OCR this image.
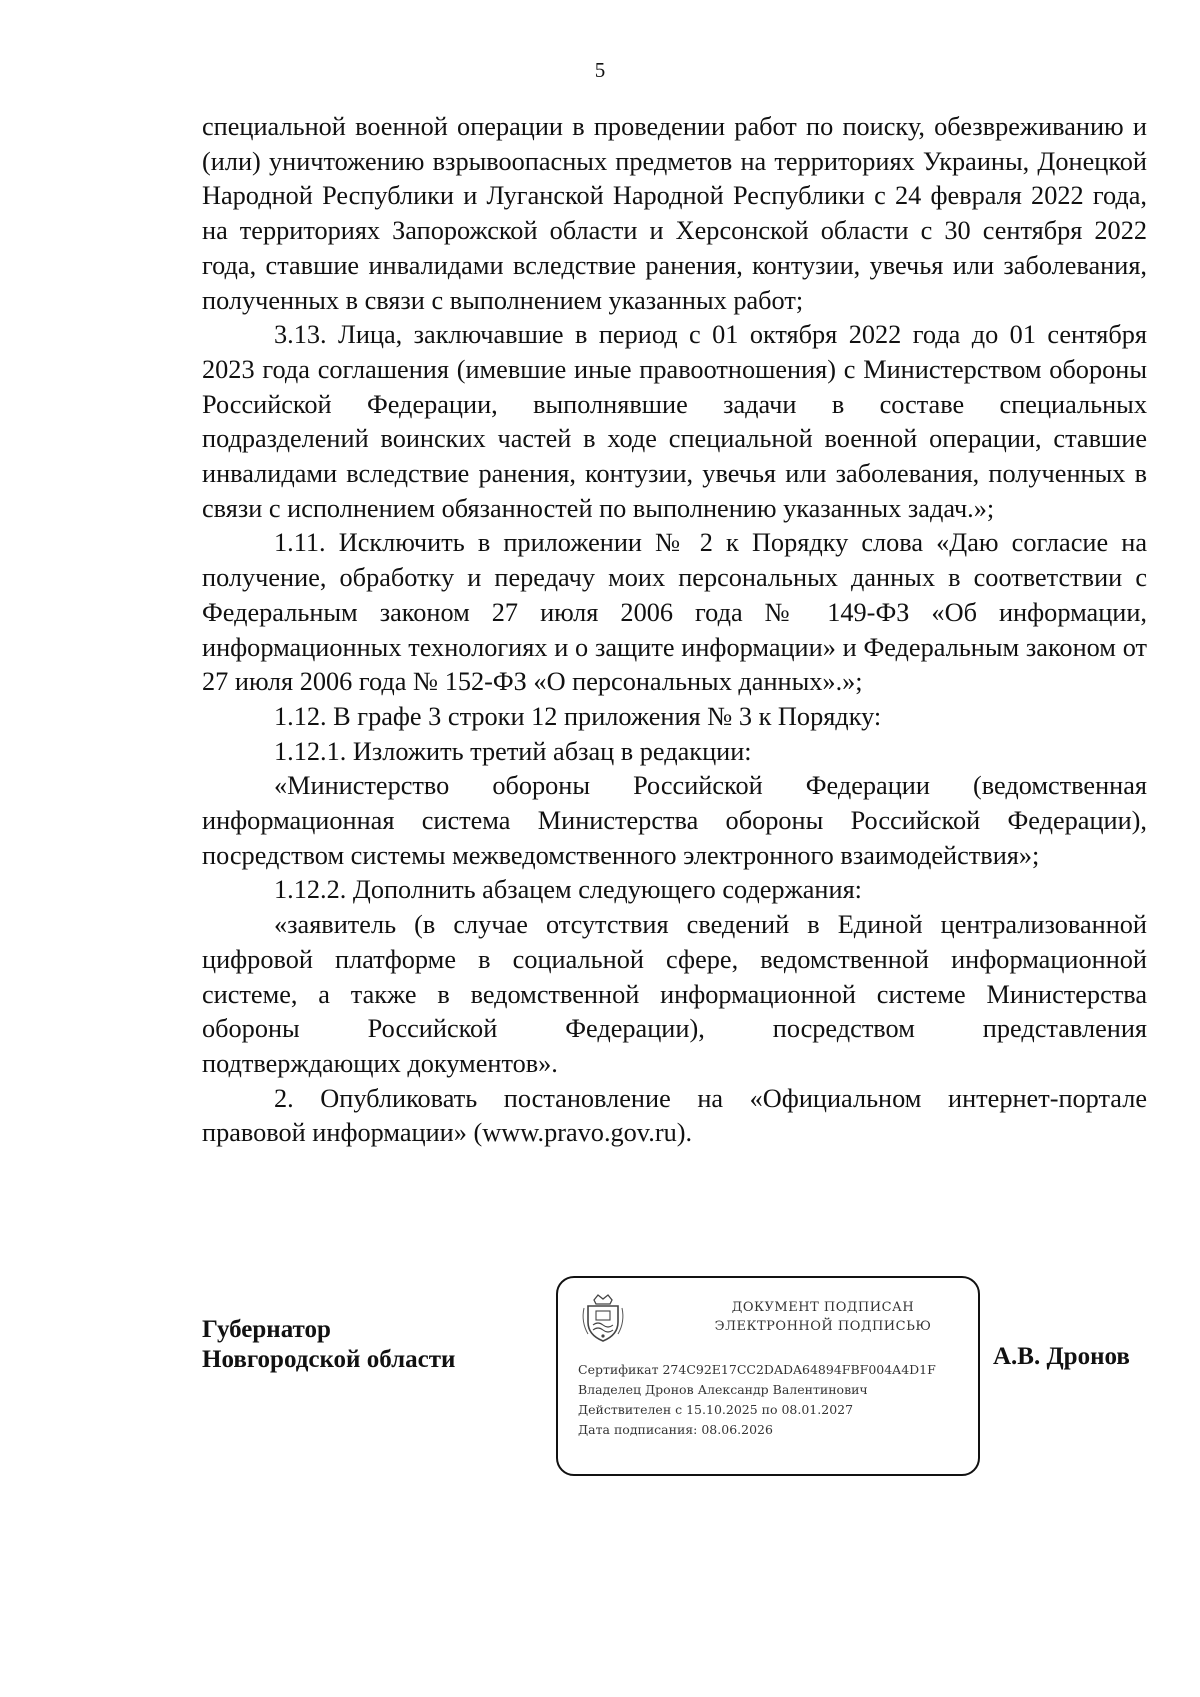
5

специальной военной операции в проведении работ по поиску, обезвреживанию и (или) уничтожению взрывоопасных предметов на территориях Украины, Донецкой Народной Республики и Луганской Народной Республики с 24 февраля 2022 года, на территориях Запорожской области и Херсонской области с 30 сентября 2022 года, ставшие инвалидами вследствие ранения, контузии, увечья или заболевания, полученных в связи с выполнением указанных работ;

3.13. Лица, заключавшие в период с 01 октября 2022 года до 01 сентября 2023 года соглашения (имевшие иные правоотношения) с Министерством обороны Российской Федерации, выполнявшие задачи в составе специальных подразделений воинских частей в ходе специальной военной операции, ставшие инвалидами вследствие ранения, контузии, увечья или заболевания, полученных в связи с исполнением обязанностей по выполнению указанных задач.»;

1.11. Исключить в приложении № 2 к Порядку слова «Даю согласие на получение, обработку и передачу моих персональных данных в соответствии с Федеральным законом 27 июля 2006 года № 149-ФЗ «Об информации, информационных технологиях и о защите информации» и Федеральным законом от 27 июля 2006 года № 152-ФЗ «О персональных данных».»;

1.12. В графе 3 строки 12 приложения № 3 к Порядку:

1.12.1. Изложить третий абзац в редакции:

«Министерство обороны Российской Федерации (ведомственная информационная система Министерства обороны Российской Федерации), посредством системы межведомственного электронного взаимодействия»;

1.12.2. Дополнить абзацем следующего содержания:

«заявитель (в случае отсутствия сведений в Единой централизованной цифровой платформе в социальной сфере, ведомственной информационной системе, а также в ведомственной информационной системе Министерства обороны Российской Федерации), посредством представления

подтверждающих документов».

2. Опубликовать постановление на «Официальном интернет-портале правовой информации» (www.pravo.gov.ru).

Губернатор
Новгородской области
ДОКУМЕНТ ПОДПИСАН
ЭЛЕКТРОННОЙ ПОДПИСЬЮ
Сертификат 274C92E17CC2DADA64894FBF004A4D1F
Владелец Дронов Александр Валентинович
Действителен с 15.10.2025 по 08.01.2027
Дата подписания: 08.06.2026
А.В. Дронов
